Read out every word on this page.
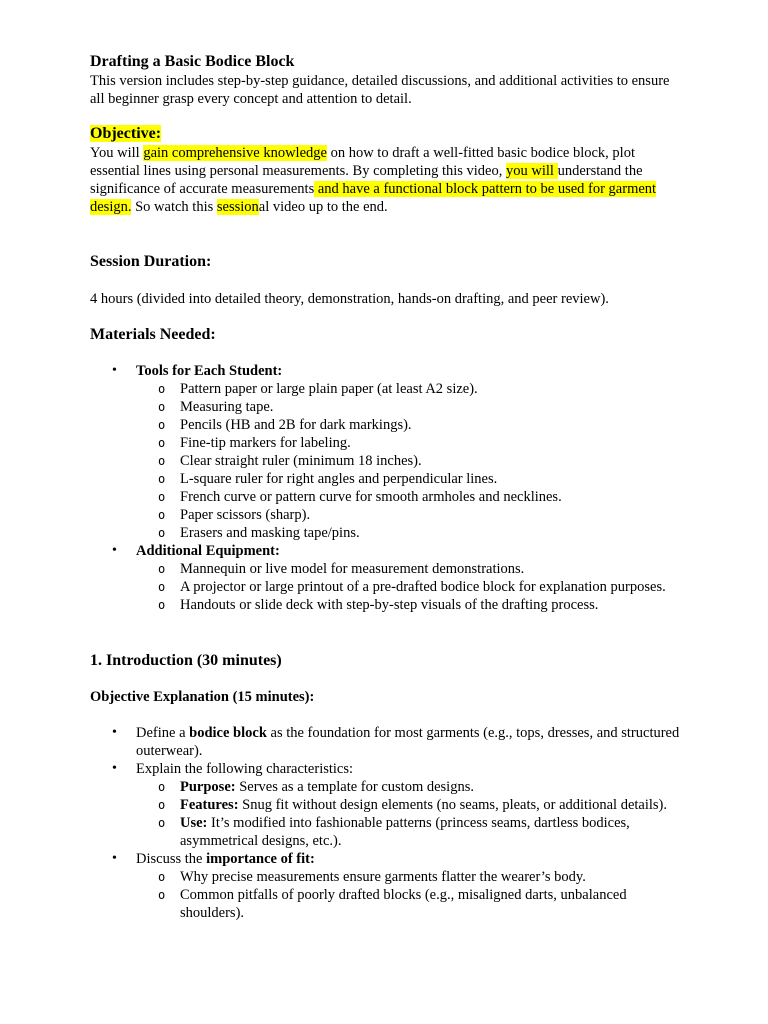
Drafting a Basic Bodice Block

This version includes step-by-step guidance, detailed discussions, and additional activities to ensure all beginner grasp every concept and attention to detail.

Objective:

You will gain comprehensive knowledge on how to draft a well-fitted basic bodice block, plot essential lines using personal measurements. By completing this video, you will understand the significance of accurate measurements and have a functional block pattern to be used for garment design. So watch this sessional video up to the end.

Session Duration:

4 hours (divided into detailed theory, demonstration, hands-on drafting, and peer review).

Materials Needed:

• Tools for Each Student:
o Pattern paper or large plain paper (at least A2 size).
o Measuring tape.
o Pencils (HB and 2B for dark markings).
o Fine-tip markers for labeling.
o Clear straight ruler (minimum 18 inches).
o L-square ruler for right angles and perpendicular lines.
o French curve or pattern curve for smooth armholes and necklines.
o Paper scissors (sharp).
o Erasers and masking tape/pins.
• Additional Equipment:
o Mannequin or live model for measurement demonstrations.
o A projector or large printout of a pre-drafted bodice block for explanation purposes.
o Handouts or slide deck with step-by-step visuals of the drafting process.

1. Introduction (30 minutes)

Objective Explanation (15 minutes):

• Define a bodice block as the foundation for most garments (e.g., tops, dresses, and structured outerwear).
• Explain the following characteristics:
o Purpose: Serves as a template for custom designs.
o Features: Snug fit without design elements (no seams, pleats, or additional details).
o Use: It’s modified into fashionable patterns (princess seams, dartless bodices, asymmetrical designs, etc.).
• Discuss the importance of fit:
o Why precise measurements ensure garments flatter the wearer’s body.
o Common pitfalls of poorly drafted blocks (e.g., misaligned darts, unbalanced shoulders).
